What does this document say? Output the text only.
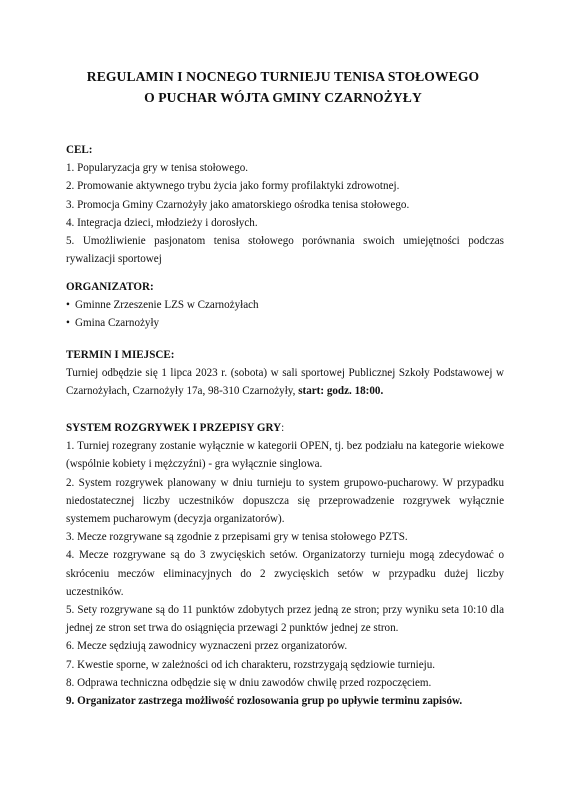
REGULAMIN I NOCNEGO TURNIEJU TENISA STOŁOWEGO
O PUCHAR WÓJTA GMINY CZARNOŻYŁY
CEL:
1. Popularyzacja gry w tenisa stołowego.
2. Promowanie aktywnego trybu życia jako formy profilaktyki zdrowotnej.
3. Promocja Gminy Czarnożyły jako amatorskiego ośrodka tenisa stołowego.
4. Integracja dzieci, młodzieży i dorosłych.
5. Umożliwienie pasjonatom tenisa stołowego porównania swoich umiejętności podczas rywalizacji sportowej
ORGANIZATOR:
• Gminne Zrzeszenie LZS w Czarnożyłach
• Gmina Czarnożyły
TERMIN I MIEJSCE:
Turniej odbędzie się 1 lipca 2023 r. (sobota) w sali sportowej Publicznej Szkoły Podstawowej w Czarnożyłach, Czarnożyły 17a, 98-310 Czarnożyły, start: godz. 18:00.
SYSTEM ROZGRYWEK I PRZEPISY GRY:
1. Turniej rozegrany zostanie wyłącznie w kategorii OPEN, tj. bez podziału na kategorie wiekowe (wspólnie kobiety i mężczyźni) - gra wyłącznie singlowa.
2. System rozgrywek planowany w dniu turnieju to system grupowo-pucharowy. W przypadku niedostatecznej liczby uczestników dopuszcza się przeprowadzenie rozgrywek wyłącznie systemem pucharowym (decyzja organizatorów).
3. Mecze rozgrywane są zgodnie z przepisami gry w tenisa stołowego PZTS.
4. Mecze rozgrywane są do 3 zwycięskich setów. Organizatorzy turnieju mogą zdecydować o skróceniu meczów eliminacyjnych do 2 zwycięskich setów w przypadku dużej liczby uczestników.
5. Sety rozgrywane są do 11 punktów zdobytych przez jedną ze stron; przy wyniku seta 10:10 dla jednej ze stron set trwa do osiągnięcia przewagi 2 punktów jednej ze stron.
6. Mecze sędziują zawodnicy wyznaczeni przez organizatorów.
7. Kwestie sporne, w zależności od ich charakteru, rozstrzygają sędziowie turnieju.
8. Odprawa techniczna odbędzie się w dniu zawodów chwilę przed rozpoczęciem.
9. Organizator zastrzega możliwość rozlosowania grup po upływie terminu zapisów.
